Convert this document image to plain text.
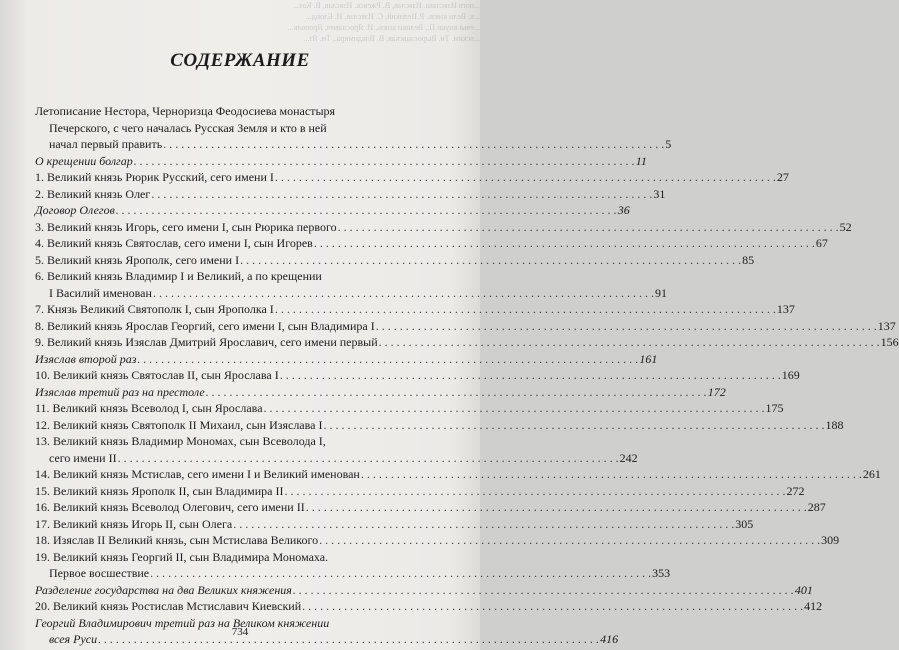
...ного Изяслава. Изяслав, В. Ржевск. Изяслав, В. Кот...
...к. Вели князь. Р. Великий, С. Изяслав, И. Блонд...
...ечья внуки П., Велики князь, И. Ярославич, Ярополк...
...вским. Ти. Вырославская, В. Владимира., Ти. Ят...
СОДЕРЖАНИЕ
Летописание Нестора, Черноризца Феодосиева монастыря
Печерского, с чего началась Русская Земля и кто в ней
начал первый править . . .	5
О крещении болгар . . .	11
1. Великий князь Рюрик Русский, сего имени I . . .	27
2. Великий князь Олег . . .	31
Договор Олегов . . .	36
3. Великий князь Игорь, сего имени I, сын Рюрика первого . . .	52
4. Великий князь Святослав, сего имени I, сын Игорев . . .	67
5. Великий князь Ярополк, сего имени I . . .	85
6. Великий князь Владимир I и Великий, а по крещении
I Василий именован . . .	91
7. Князь Великий Святополк I, сын Ярополка I . . .	137
8. Великий князь Ярослав Георгий, сего имени I, сын Владимира I . . .	137
9. Великий князь Изяслав Дмитрий Ярославич, сего имени первый . . .	156
Изяслав второй раз . . .	161
10. Великий князь Святослав II, сын Ярослава I . . .	169
Изяслав третий раз на престоле . . .	172
11. Великий князь Всеволод I, сын Ярослава . . .	175
12. Великий князь Святополк II Михаил, сын Изяслава I . . .	188
13. Великий князь Владимир Мономах, сын Всеволода I,
сего имени II . . .	242
14. Великий князь Мстислав, сего имени I и Великий именован . . .	261
15. Великий князь Ярополк II, сын Владимира II . . .	272
16. Великий князь Всеволод Олегович, сего имени II . . .	287
17. Великий князь Игорь II, сын Олега . . .	305
18. Изяслав II Великий князь, сын Мстислава Великого . . .	309
19. Великий князь Георгий II, сын Владимира Мономаха.
Первое восшествие . . .	353
Разделение государства на два Великих княжения . . .	401
20. Великий князь Ростислав Мстиславич Киевский . . .	412
Георгий Владимирович третий раз на Великом княжении
всея Руси . . .	416
734
